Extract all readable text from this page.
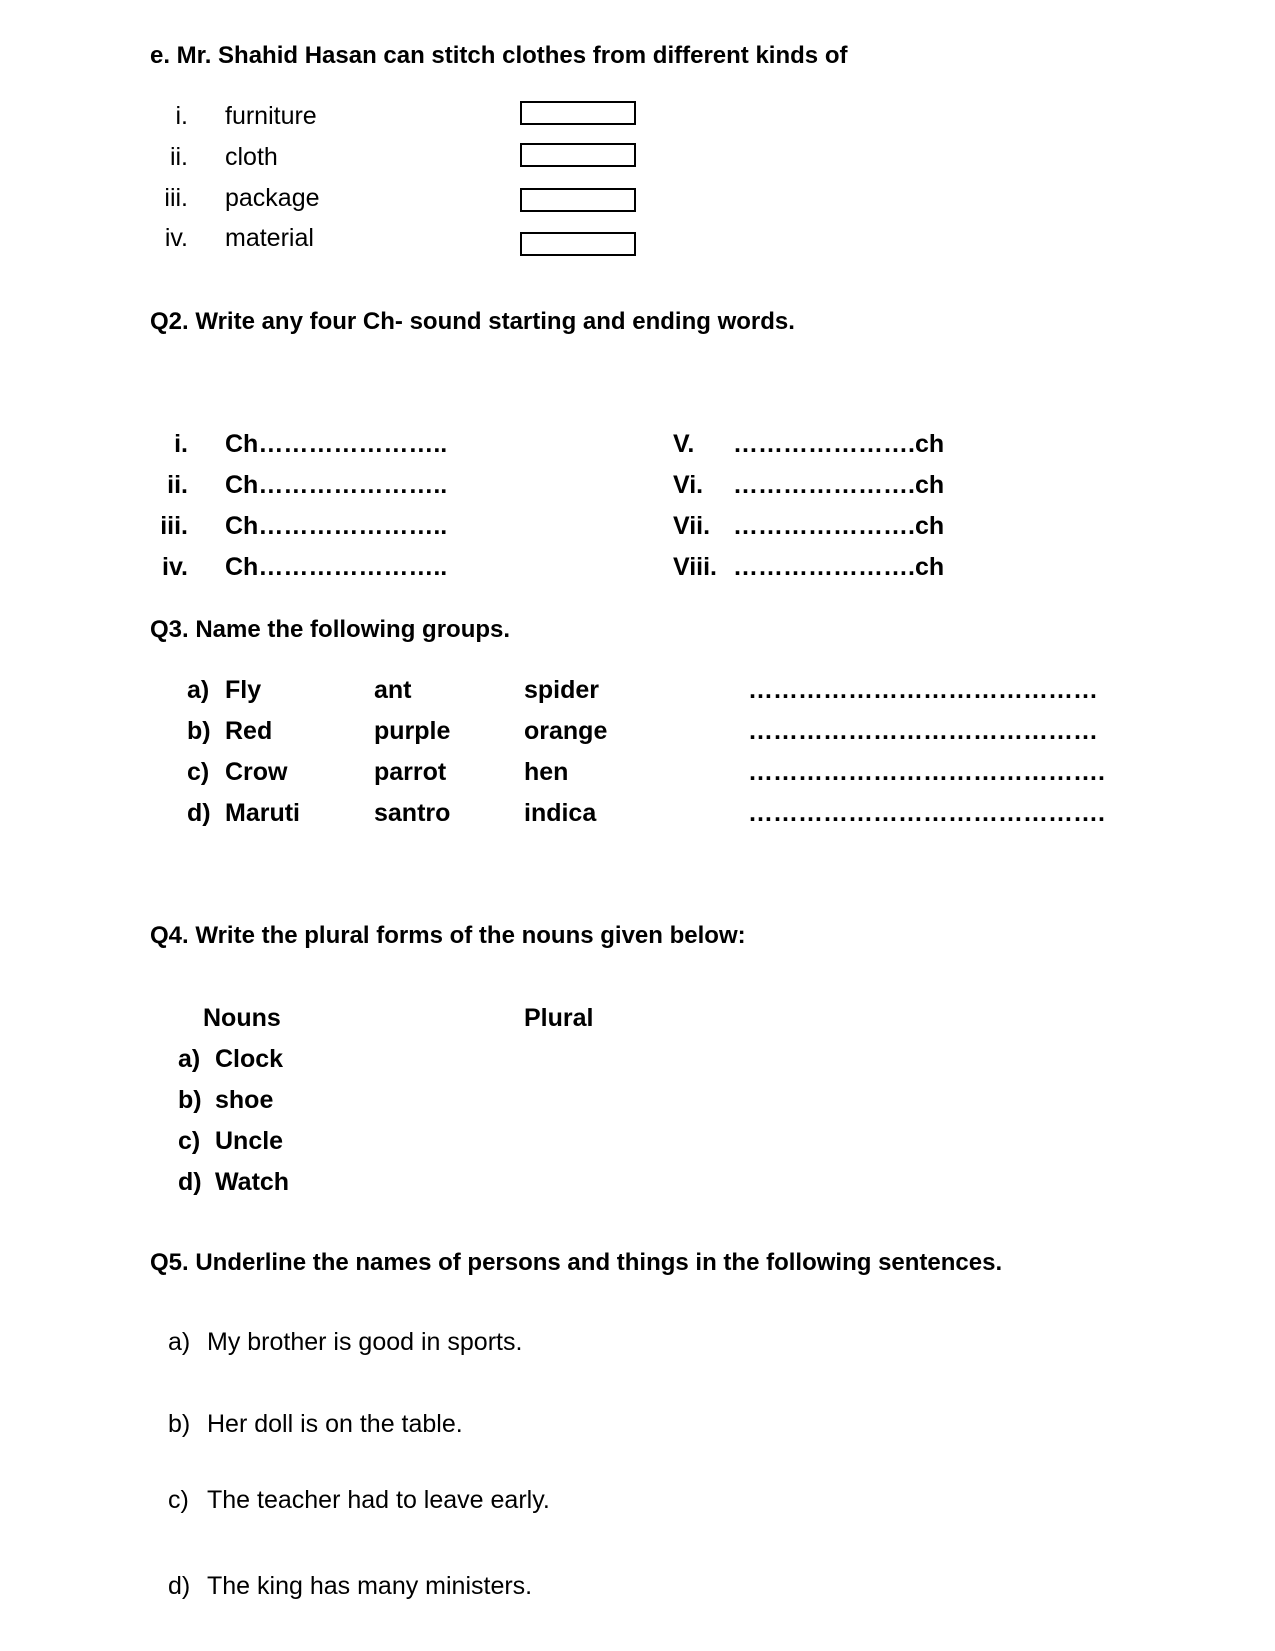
e. Mr. Shahid Hasan can stitch clothes from different kinds of
i. furniture
ii. cloth
iii. package
iv. material
Q2. Write any four Ch- sound starting and ending words.
i. Ch…………………..
ii. Ch…………………..
iii. Ch…………………..
iv. Ch…………………..
V. ………………….ch
Vi. ………………….ch
Vii. ………………….ch
Viii. ………………….ch
Q3. Name the following groups.
a) Fly	ant	spider	……………………………………
b) Red	purple	orange	……………………………………
c) Crow	parrot	hen	…………………………………….
d) Maruti	santro	indica	…………………………………….
Q4. Write the plural forms of the nouns given below:
Nouns	Plural
a) Clock
b) shoe
c) Uncle
d) Watch
Q5. Underline the names of persons and things in the following sentences.
a) My brother is good in sports.
b) Her doll is on the table.
c) The teacher had to leave early.
d) The king has many ministers.
